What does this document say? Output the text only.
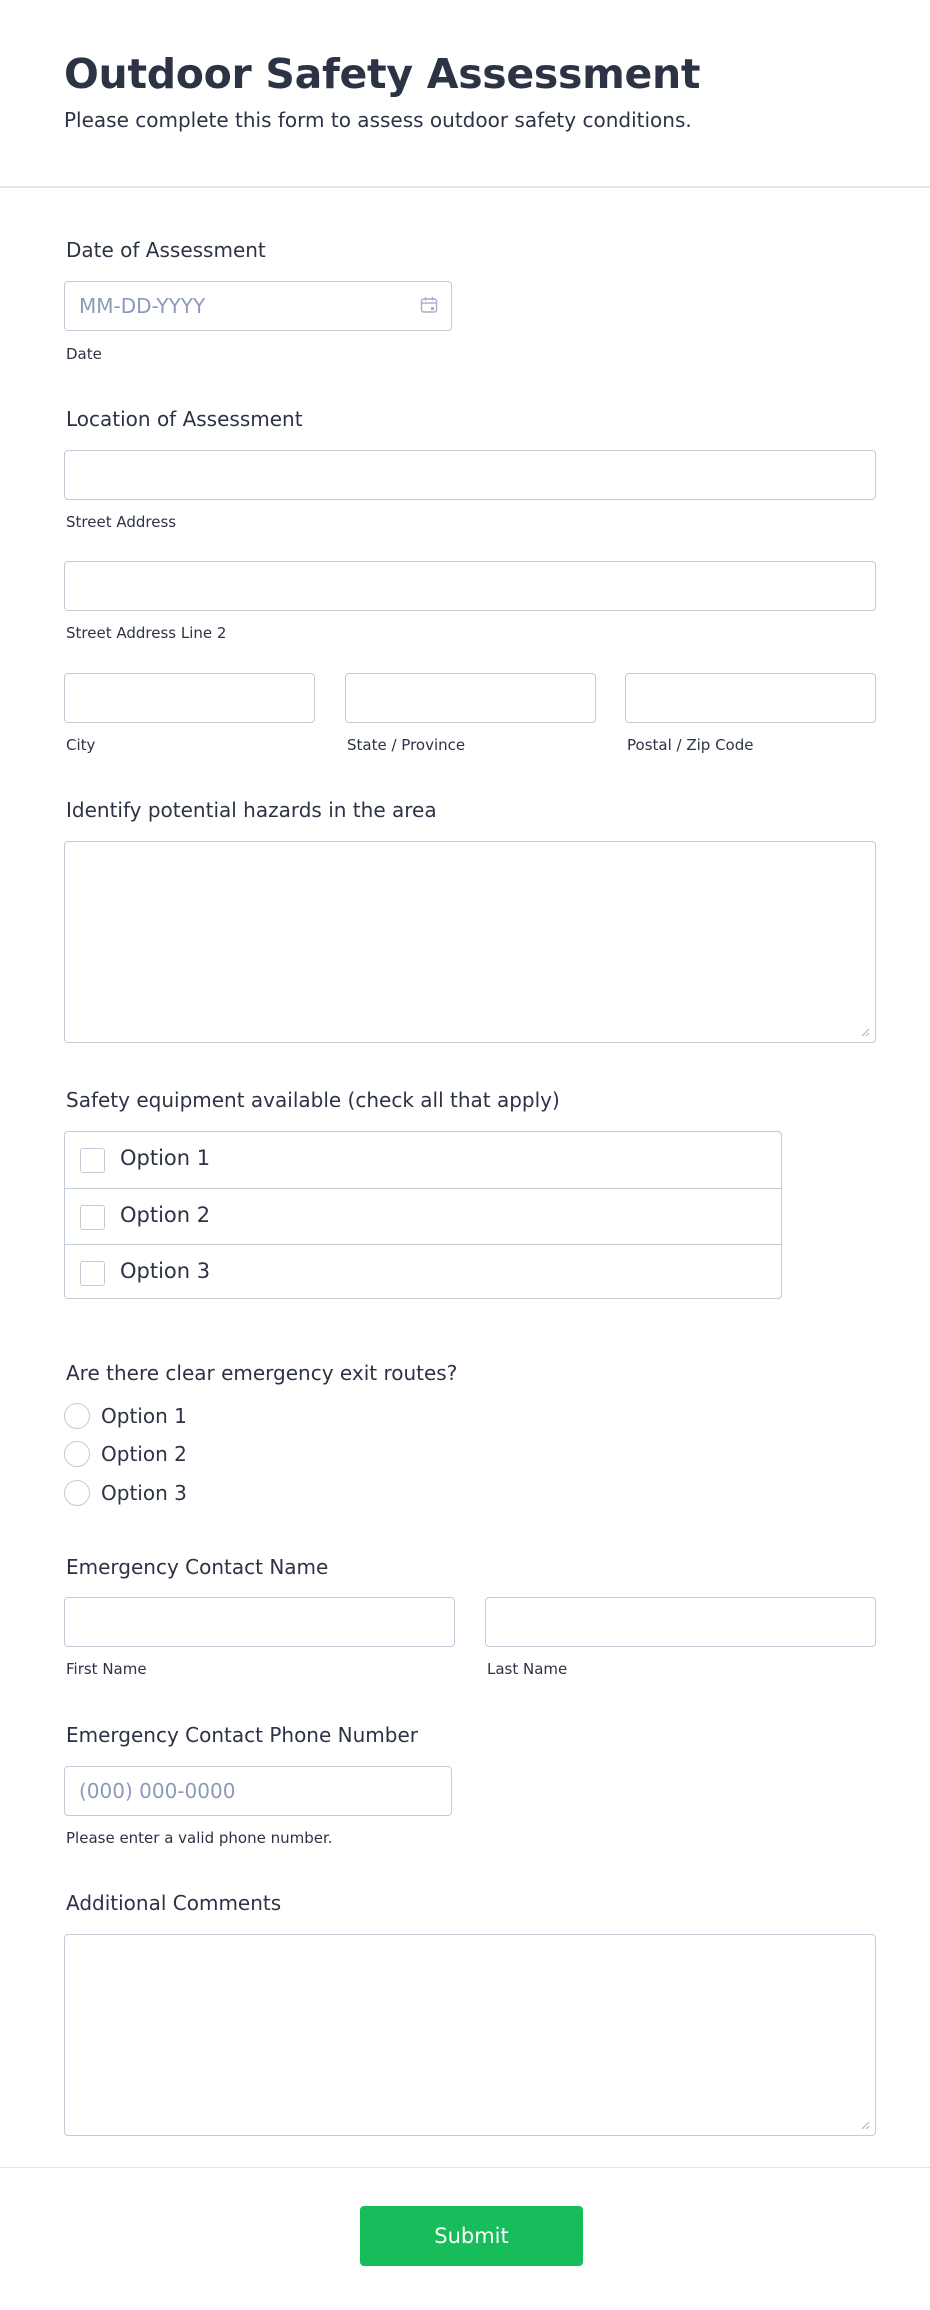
Outdoor Safety Assessment

Please complete this form to assess outdoor safety conditions.

Date of Assessment
MM-DD-YYYY
Date
Location of Assessment
Street Address
Street Address Line 2
City	State / Province	Postal / Zip Code
Identify potential hazards in the area
Safety equipment available (check all that apply)
Option 1
Option 2
Option 3
Are there clear emergency exit routes?
Option 1
Option 2
Option 3
Emergency Contact Name
First Name	Last Name
Emergency Contact Phone Number
(000) 000-0000
Please enter a valid phone number.
Additional Comments
Submit
